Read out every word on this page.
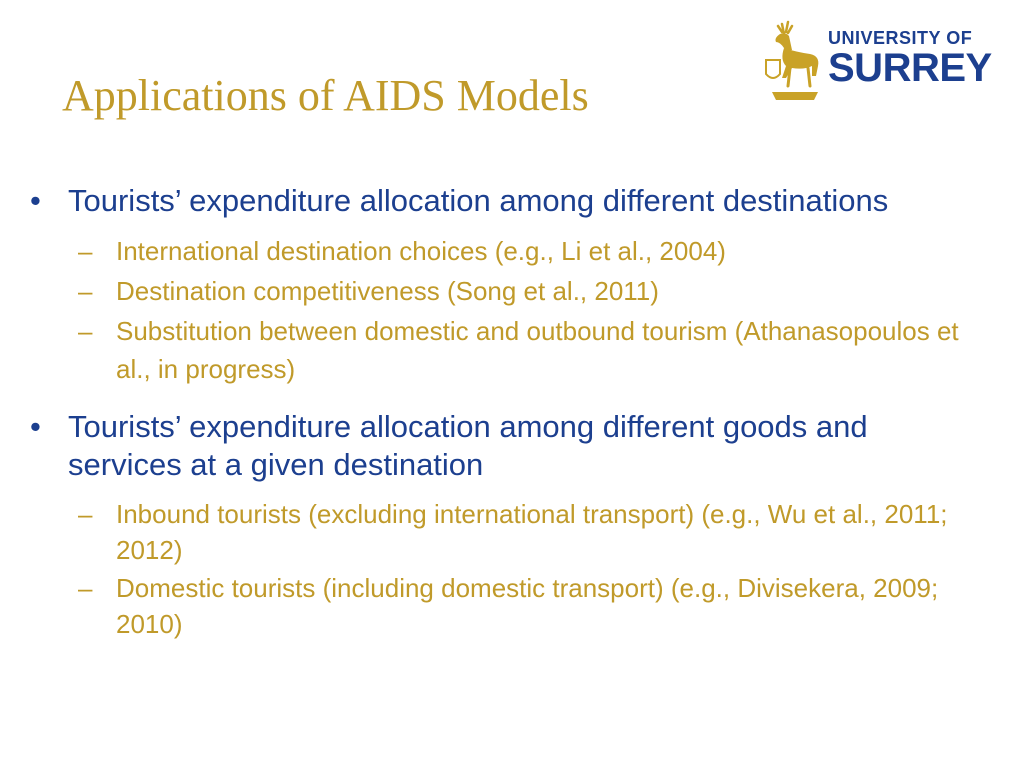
Applications of AIDS Models
UNIVERSITY OF
SURREY
• Tourists’ expenditure allocation among different destinations
– International destination choices (e.g., Li et al., 2004)
– Destination competitiveness (Song et al., 2011)
– Substitution between domestic and outbound tourism (Athanasopoulos et al., in progress)
• Tourists’ expenditure allocation among different goods and services at a given destination
– Inbound tourists (excluding international transport) (e.g., Wu et al., 2011; 2012)
– Domestic tourists (including domestic transport) (e.g., Divisekera, 2009; 2010)
